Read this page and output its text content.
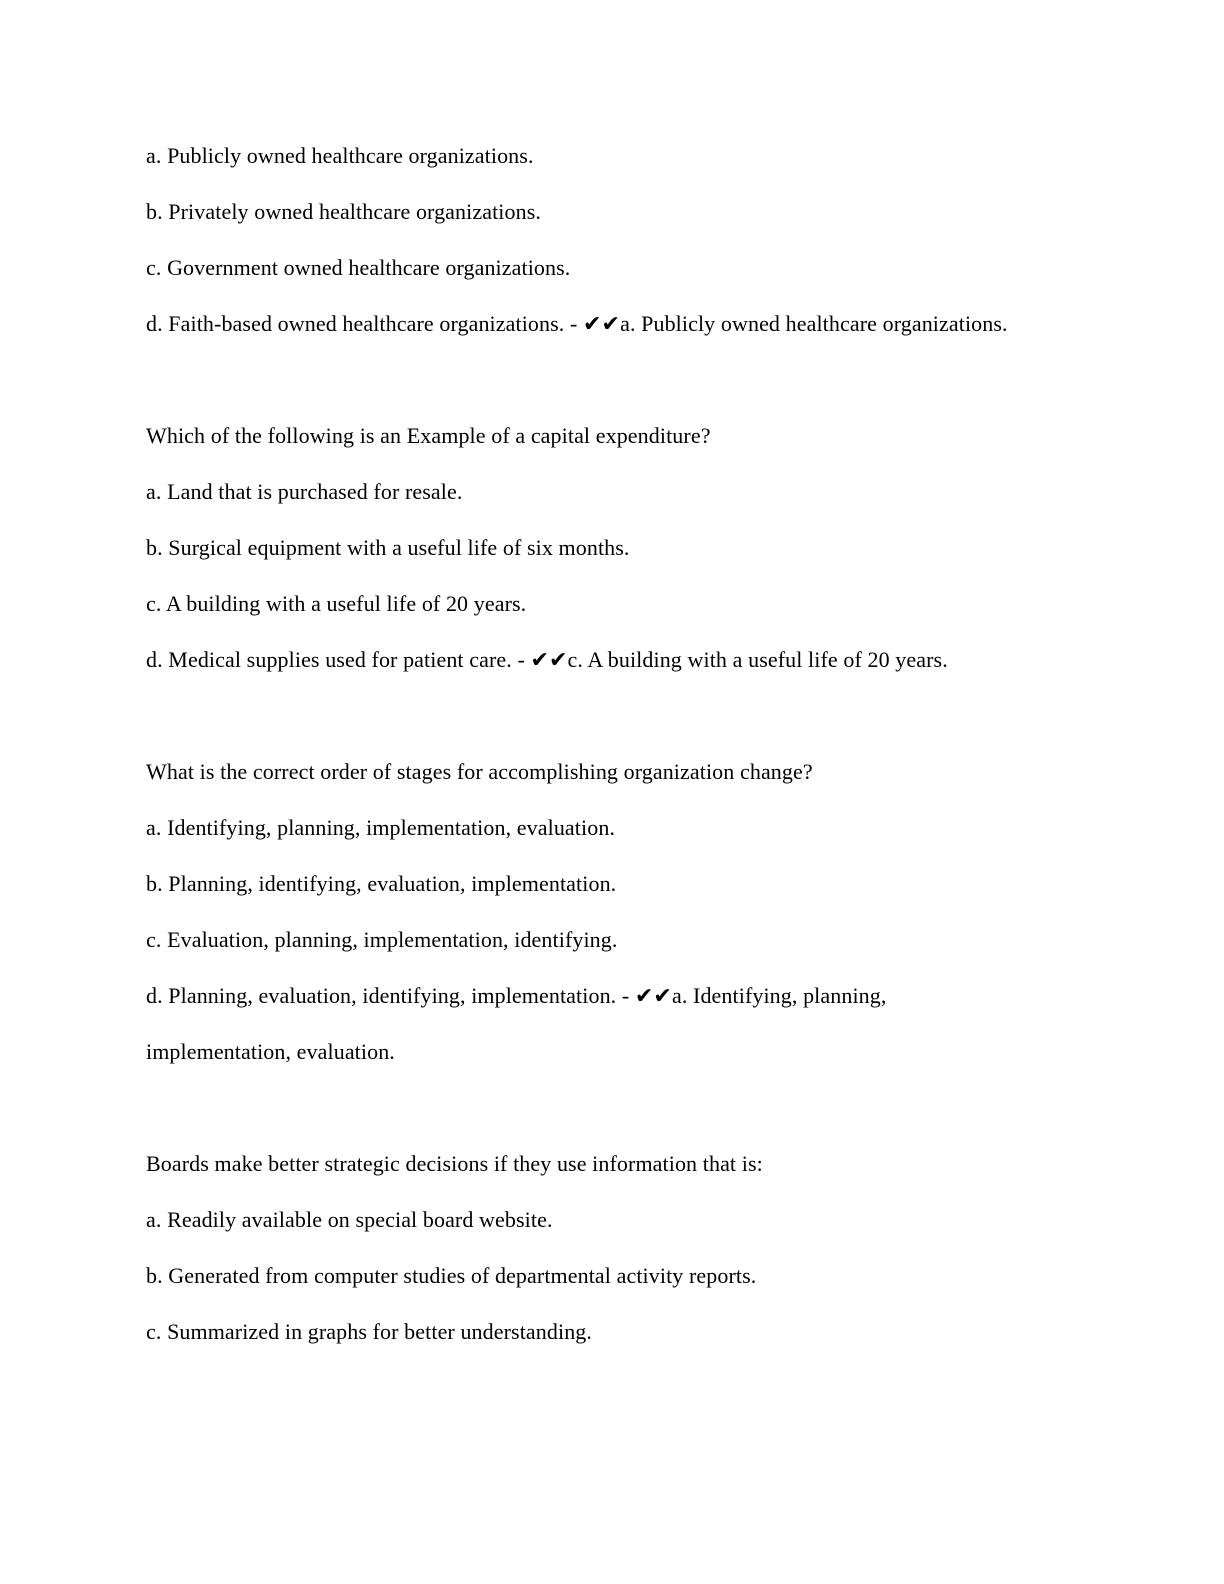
a. Publicly owned healthcare organizations.

b. Privately owned healthcare organizations.

c. Government owned healthcare organizations.

d. Faith-based owned healthcare organizations. - ✔✔a. Publicly owned healthcare organizations.

Which of the following is an Example of a capital expenditure?

a. Land that is purchased for resale.

b. Surgical equipment with a useful life of six months.

c. A building with a useful life of 20 years.

d. Medical supplies used for patient care. - ✔✔c. A building with a useful life of 20 years.

What is the correct order of stages for accomplishing organization change?

a. Identifying, planning, implementation, evaluation.

b. Planning, identifying, evaluation, implementation.

c. Evaluation, planning, implementation, identifying.

d. Planning, evaluation, identifying, implementation. - ✔✔a. Identifying, planning,

implementation, evaluation.

Boards make better strategic decisions if they use information that is:

a. Readily available on special board website.

b. Generated from computer studies of departmental activity reports.

c. Summarized in graphs for better understanding.
